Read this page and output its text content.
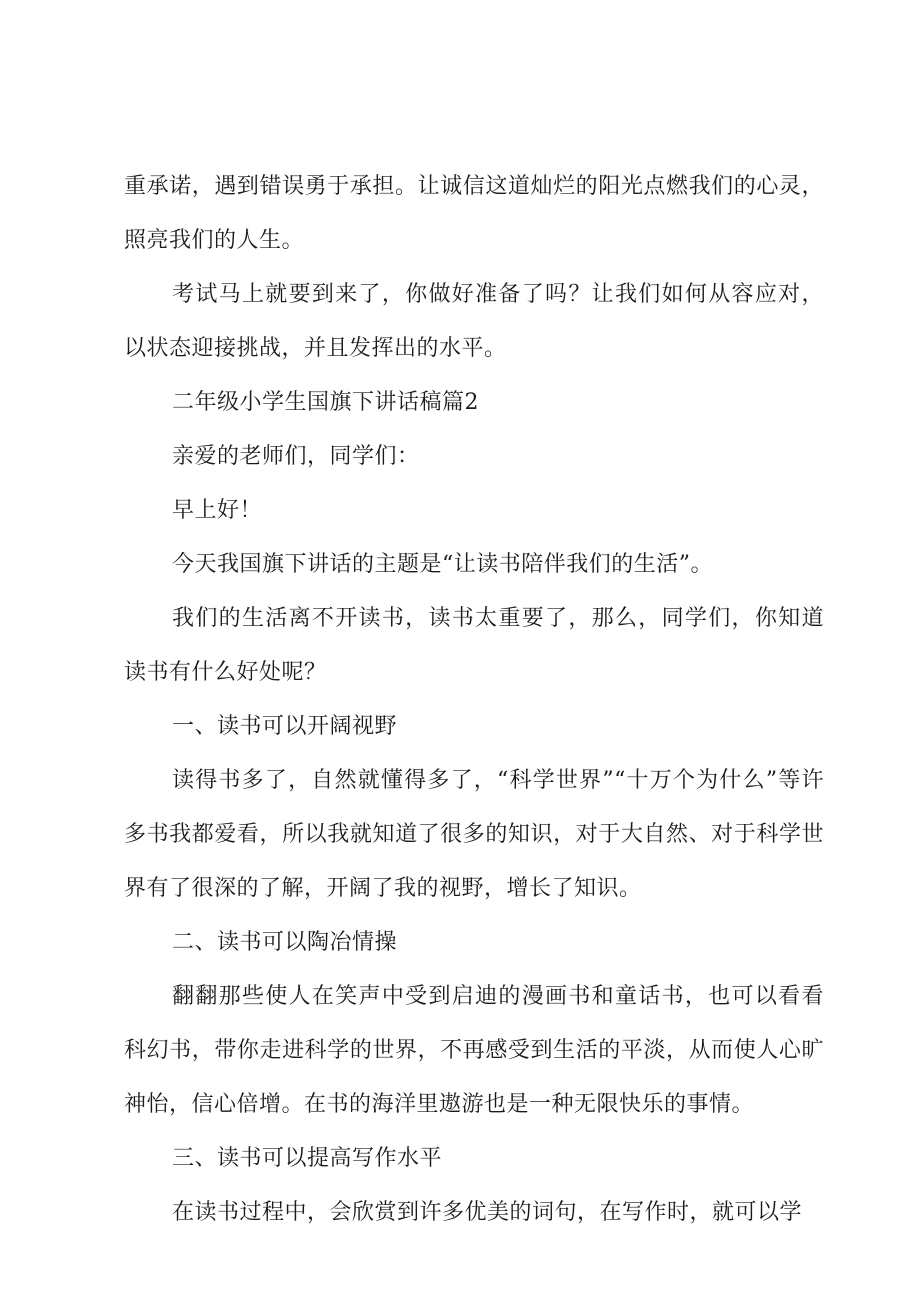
重承诺，遇到错误勇于承担。让诚信这道灿烂的阳光点燃我们的心灵，照亮我们的人生。

考试马上就要到来了，你做好准备了吗？让我们如何从容应对，以状态迎接挑战，并且发挥出的水平。

二年级小学生国旗下讲话稿篇2

亲爱的老师们，同学们：

早上好！

今天我国旗下讲话的主题是“让读书陪伴我们的生活”。

我们的生活离不开读书，读书太重要了，那么，同学们，你知道读书有什么好处呢？

一、读书可以开阔视野

读得书多了，自然就懂得多了，“科学世界”“十万个为什么”等许多书我都爱看，所以我就知道了很多的知识，对于大自然、对于科学世界有了很深的了解，开阔了我的视野，增长了知识。

二、读书可以陶冶情操

翻翻那些使人在笑声中受到启迪的漫画书和童话书，也可以看看科幻书，带你走进科学的世界，不再感受到生活的平淡，从而使人心旷神怡，信心倍增。在书的海洋里遨游也是一种无限快乐的事情。

三、读书可以提高写作水平

在读书过程中，会欣赏到许多优美的词句，在写作时，就可以学
